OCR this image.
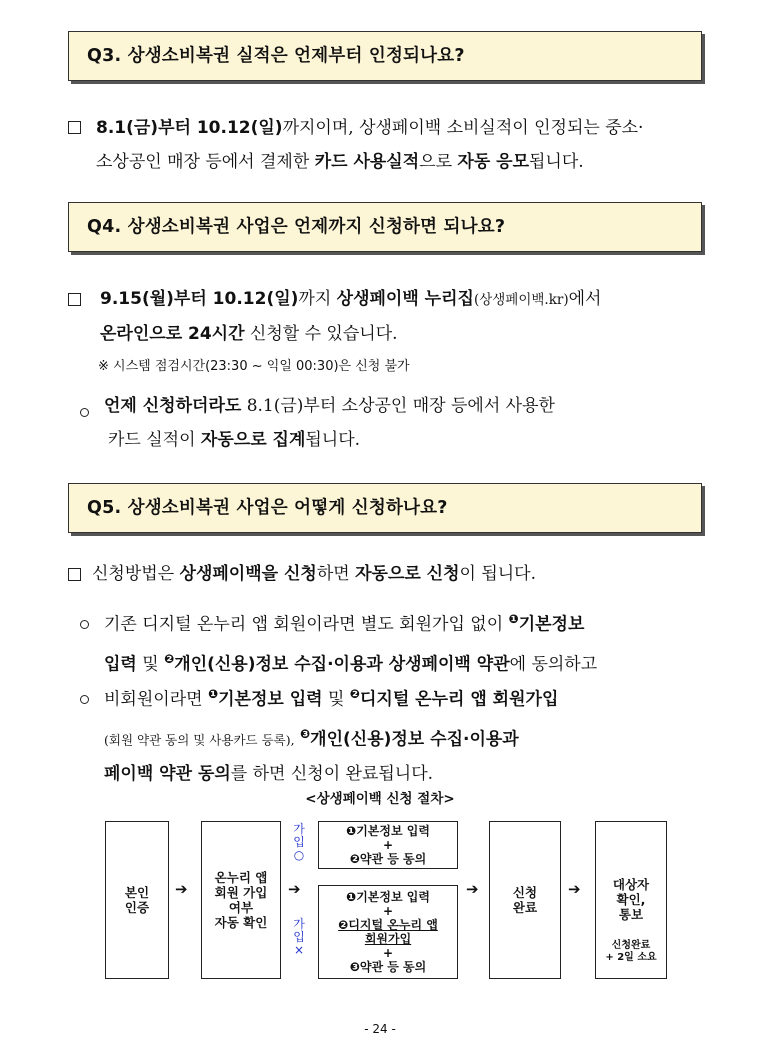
Q3. 상생소비복권 실적은 언제부터 인정되나요?
8.1(금)부터 10.12(일)까지이며, 상생페이백 소비실적이 인정되는 중소·
소상공인 매장 등에서 결제한 카드 사용실적으로 자동 응모됩니다.
Q4. 상생소비복권 사업은 언제까지 신청하면 되나요?
9.15(월)부터 10.12(일)까지 상생페이백 누리집(상생페이백.kr)에서
온라인으로 24시간 신청할 수 있습니다.
※ 시스템 점검시간(23:30 ~ 익일 00:30)은 신청 불가
언제 신청하더라도 8.1(금)부터 소상공인 매장 등에서 사용한
카드 실적이 자동으로 집계됩니다.
Q5. 상생소비복권 사업은 어떻게 신청하나요?
신청방법은 상생페이백을 신청하면 자동으로 신청이 됩니다.
기존 디지털 온누리 앱 회원이라면 별도 회원가입 없이 $^❶$기본정보
입력 및 $^❷$개인(신용)정보 수집·이용과 상생페이백 약관에 동의하고
비회원이라면 $^❶$기본정보 입력 및 $^❷$디지털 온누리 앱 회원가입
(회원 약관 동의 및 사용카드 등록), $^❸$개인(신용)정보 수집·이용과
페이백 약관 동의를 하면 신청이 완료됩니다.
<상생페이백 신청 절차>
본인
인증
➔
온누리 앱
회원 가입
여부
자동 확인
➔
가
입
○
가
입
×
❶기본정보 입력
+
❷약관 등 동의
❶기본정보 입력
+
❷디지털 온누리 앱
회원가입
+
❸약관 등 동의
➔	신청
완료
➔	대상자
확인,
통보
신청완료
+ 2일 소요
- 24 -
